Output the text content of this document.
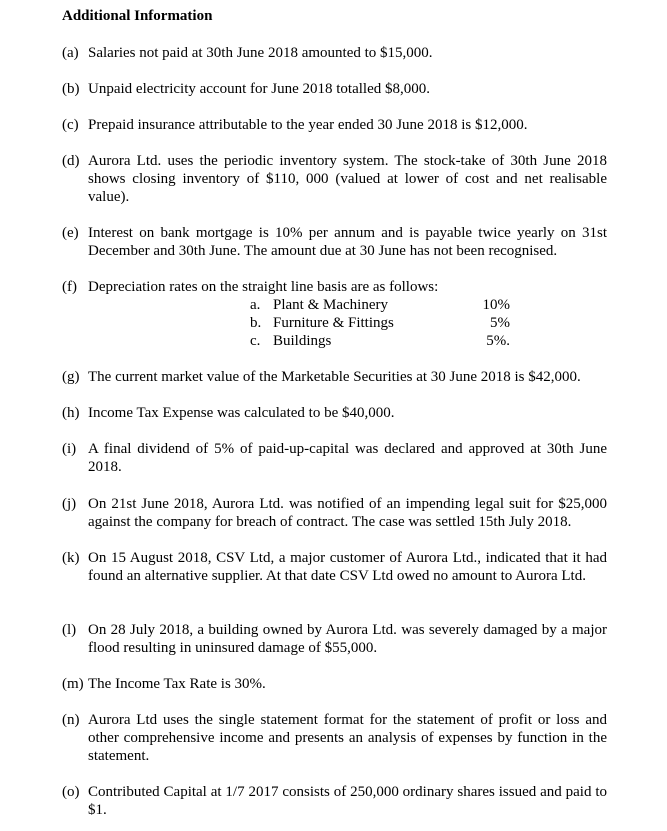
Additional Information
(a) Salaries not paid at 30th June 2018 amounted to $15,000.
(b) Unpaid electricity account for June 2018 totalled $8,000.
(c) Prepaid insurance attributable to the year ended 30 June 2018 is $12,000.
(d) Aurora Ltd. uses the periodic inventory system. The stock-take of 30th June 2018 shows closing inventory of $110, 000 (valued at lower of cost and net realisable value).
(e) Interest on bank mortgage is 10% per annum and is payable twice yearly on 31st December and 30th June. The amount due at 30 June has not been recognised.
(f) Depreciation rates on the straight line basis are as follows:
a. Plant & Machinery	10%
b. Furniture & Fittings	5%
c. Buildings	5%.
(g) The current market value of the Marketable Securities at 30 June 2018 is $42,000.
(h) Income Tax Expense was calculated to be $40,000.
(i) A final dividend of 5% of paid-up-capital was declared and approved at 30th June 2018.
(j) On 21st June 2018, Aurora Ltd. was notified of an impending legal suit for $25,000 against the company for breach of contract. The case was settled 15th July 2018.
(k) On 15 August 2018, CSV Ltd, a major customer of Aurora Ltd., indicated that it had found an alternative supplier. At that date CSV Ltd owed no amount to Aurora Ltd.
(l) On 28 July 2018, a building owned by Aurora Ltd. was severely damaged by a major flood resulting in uninsured damage of $55,000.
(m) The Income Tax Rate is 30%.
(n) Aurora Ltd uses the single statement format for the statement of profit or loss and other comprehensive income and presents an analysis of expenses by function in the statement.
(o) Contributed Capital at 1/7 2017 consists of 250,000 ordinary shares issued and paid to $1.
